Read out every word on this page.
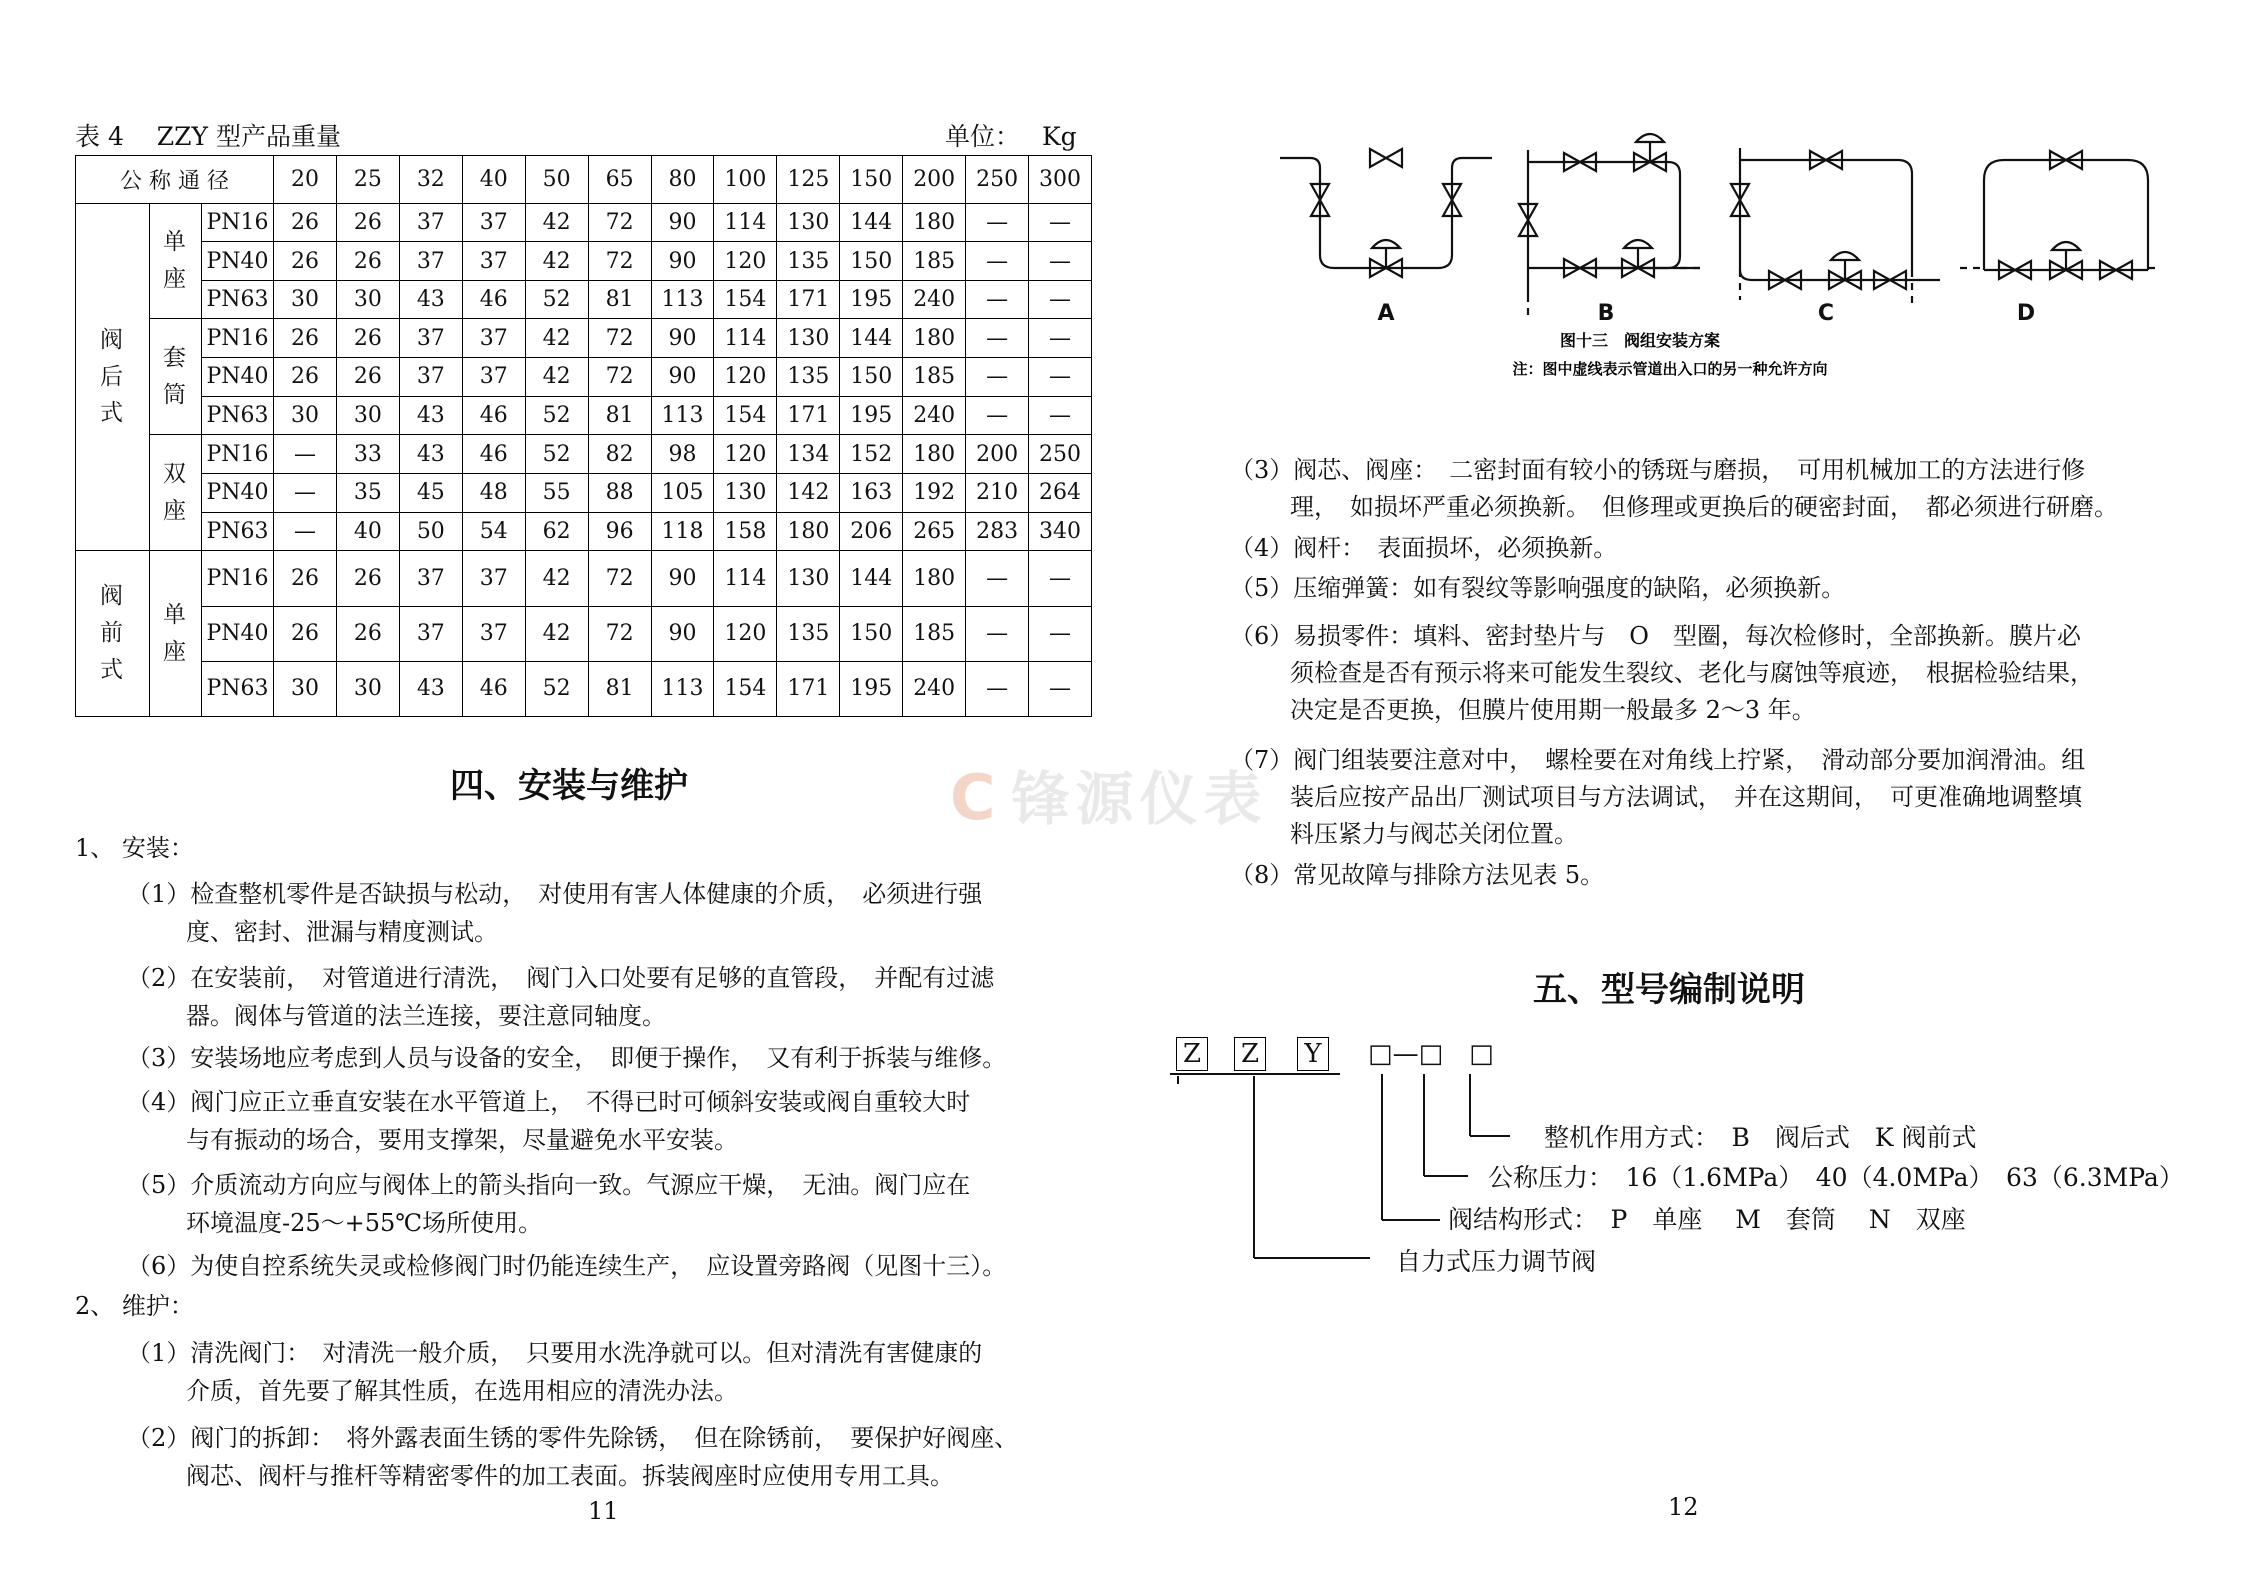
表 4　 ZZY 型产品重量	单位： Kg
公 称 通 径			20	25	32	40	50	65	80	100	125	150	200	250	300
阀
后
式	单
座	PN16	26	26	37	37	42	72	90	114	130	144	180	—	—
		PN40	26	26	37	37	42	72	90	120	135	150	185	—	—
		PN63	30	30	43	46	52	81	113	154	171	195	240	—	—
	套
筒	PN16	26	26	37	37	42	72	90	114	130	144	180	—	—
		PN40	26	26	37	37	42	72	90	120	135	150	185	—	—
		PN63	30	30	43	46	52	81	113	154	171	195	240	—	—
	双
座	PN16	—	33	43	46	52	82	98	120	134	152	180	200	250
		PN40	—	35	45	48	55	88	105	130	142	163	192	210	264
		PN63	—	40	50	54	62	96	118	158	180	206	265	283	340
阀
前
式	单
座	PN16	26	26	37	37	42	72	90	114	130	144	180	—	—
		PN40	26	26	37	37	42	72	90	120	135	150	185	—	—
		PN63	30	30	43	46	52	81	113	154	171	195	240	—	—
四、安装与维护
1、 安装：
（1）检查整机零件是否缺损与松动，　对使用有害人体健康的介质，　必须进行强
度、密封、泄漏与精度测试。
（2）在安装前，　对管道进行清洗，　阀门入口处要有足够的直管段，　并配有过滤
器。阀体与管道的法兰连接，要注意同轴度。
（3）安装场地应考虑到人员与设备的安全，　即便于操作，　又有利于拆装与维修。
（4）阀门应正立垂直安装在水平管道上，　不得已时可倾斜安装或阀自重较大时
与有振动的场合，要用支撑架，尽量避免水平安装。
（5）介质流动方向应与阀体上的箭头指向一致。气源应干燥，　无油。阀门应在
环境温度-25～+55℃场所使用。
（6）为使自控系统失灵或检修阀门时仍能连续生产，　应设置旁路阀（见图十三）。
2、 维护：
（1）清洗阀门：　对清洗一般介质，　只要用水洗净就可以。但对清洗有害健康的
介质，首先要了解其性质，在选用相应的清洗办法。
（2）阀门的拆卸：　将外露表面生锈的零件先除锈，　但在除锈前，　要保护好阀座、
阀芯、阀杆与推杆等精密零件的加工表面。拆装阀座时应使用专用工具。
C 锋源仪表
11
A	B	C	D
图十三　阀组安装方案
注：图中虚线表示管道出入口的另一种允许方向
（3）阀芯、阀座：　二密封面有较小的锈斑与磨损，　可用机械加工的方法进行修
理，　如损坏严重必须换新。　但修理或更换后的硬密封面，　都必须进行研磨。
（4）阀杆：　表面损坏，必须换新。
（5）压缩弹簧：如有裂纹等影响强度的缺陷，必须换新。
（6）易损零件：填料、密封垫片与　O　型圈，每次检修时，全部换新。膜片必
须检查是否有预示将来可能发生裂纹、老化与腐蚀等痕迹，　根据检验结果，
决定是否更换，但膜片使用期一般最多 2～3 年。
（7）阀门组装要注意对中，　螺栓要在对角线上拧紧，　滑动部分要加润滑油。组
装后应按产品出厂测试项目与方法调试，　并在这期间，　可更准确地调整填
料压紧力与阀芯关闭位置。
（8）常见故障与排除方法见表 5。
五、型号编制说明
Z Z Y □—□　□
整机作用方式：　B　阀后式　K 阀前式
公称压力：　16（1.6MPa）　40（4.0MPa）　63（6.3MPa）
阀结构形式：　P　单座　 M　套筒　 N　双座
自力式压力调节阀
12
